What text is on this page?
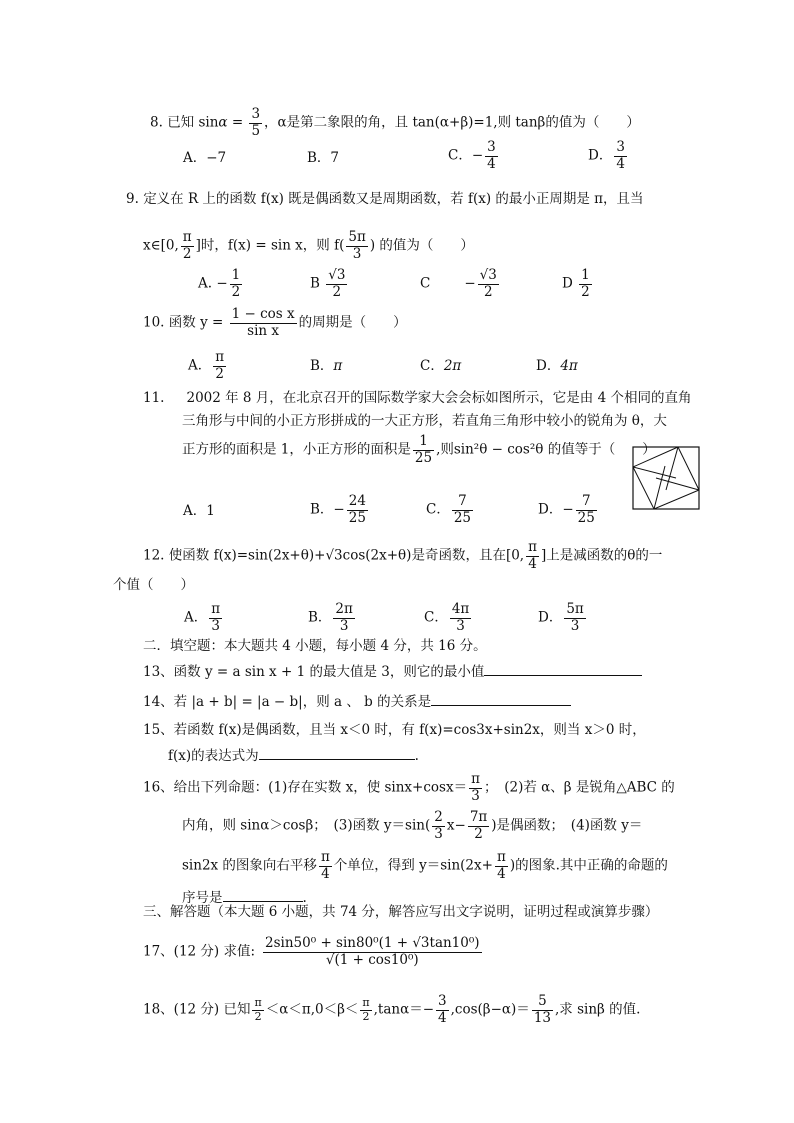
8. 已知 $\sin\alpha = \frac{3}{5}$ ，α是第二象限的角，且 tan(α+β)=1,则 tanβ的值为（　　）
A．−7	B．7	C．− $\frac{3}{4}$	D． $\frac{3}{4}$
9. 定义在 R 上的函数 f(x) 既是偶函数又是周期函数，若 f(x) 的最小正周期是 π，且当
x∈[0, $\frac{\pi}{2}$ ]时，f(x) = sin x，则 $f( \frac{5\pi}{3}$ ) 的值为（　　）
A. − $\frac{1}{2}$	B $\frac{√3}{2}$	C	− $\frac{√3}{2}$	D $\frac{1}{2}$
10. 函数 $y = \frac{\text{1 − cos x}}{\text{sin x}}$ 的周期是（　　）
A． $\frac{\pi}{2}$	B．π	C．2π	D．4π
11. 2002 年 8 月，在北京召开的国际数学家大会会标如图所示，它是由 4 个相同的直角
三角形与中间的小正方形拼成的一大正方形，若直角三角形中较小的锐角为 θ，大
正方形的面积是 1，小正方形的面积是 $\frac{1}{25}$ ,则sin²θ − cos²θ 的值等于（　　）
A．1	B．− $\frac{24}{25}$	C． $\frac{7}{25}$	D．− $\frac{7}{25}$
12. 使函数 f(x)=sin(2x+θ)+√3cos(2x+θ)是奇函数，且在[0, $\frac{\pi}{4}$ ]上是减函数的θ的一
个值（　　）
A． $\frac{\pi}{3}$	B． $\frac{2\pi}{3}$	C． $\frac{4\pi}{3}$	D． $\frac{5\pi}{3}$
二．填空题：本大题共 4 小题，每小题 4 分，共 16 分。
13、函数 y = a sin x + 1 的最大值是 3，则它的最小值
14、若 |a + b| = |a − b|，则 a 、 b 的关系是
15、若函数 f(x)是偶函数，且当 x＜0 时，有 f(x)=cos3x+sin2x，则当 x＞0 时，
f(x)的表达式为	.
16、给出下列命题：(1)存在实数 x，使 $\sin x+\cos x= \frac{\pi}{3}$ ；　(2)若 α、β 是锐角△ABC 的
内角，则 sinα＞cosβ；　(3)函数 $y=\sin( \frac{2}{3} x- \frac{7\pi}{2}$ )是偶函数；　(4)函数 y＝
sin2x 的图象向右平移 $\frac{\pi}{4}$ 个单位，得到 $y=\sin(2x+ \frac{\pi}{4}$ )的图象.其中正确的命题的
序号是	.
三、解答题（本大题 6 小题，共 74 分，解答应写出文字说明，证明过程或演算步骤）
17、(12 分) 求值: $\frac{\text{2sin50⁰ + sin80⁰(1 + √3tan10⁰)}}{\text{√(1 + cos10⁰)}}$
18、(12 分) 已知 $\frac{\pi}{2} <\alpha<\pi,0<\beta< \frac{\pi}{2} ,\tan\alpha=- \frac{3}{4} ,\cos(\beta-\alpha)= \frac{5}{13}$ ,求 sinβ 的值.
